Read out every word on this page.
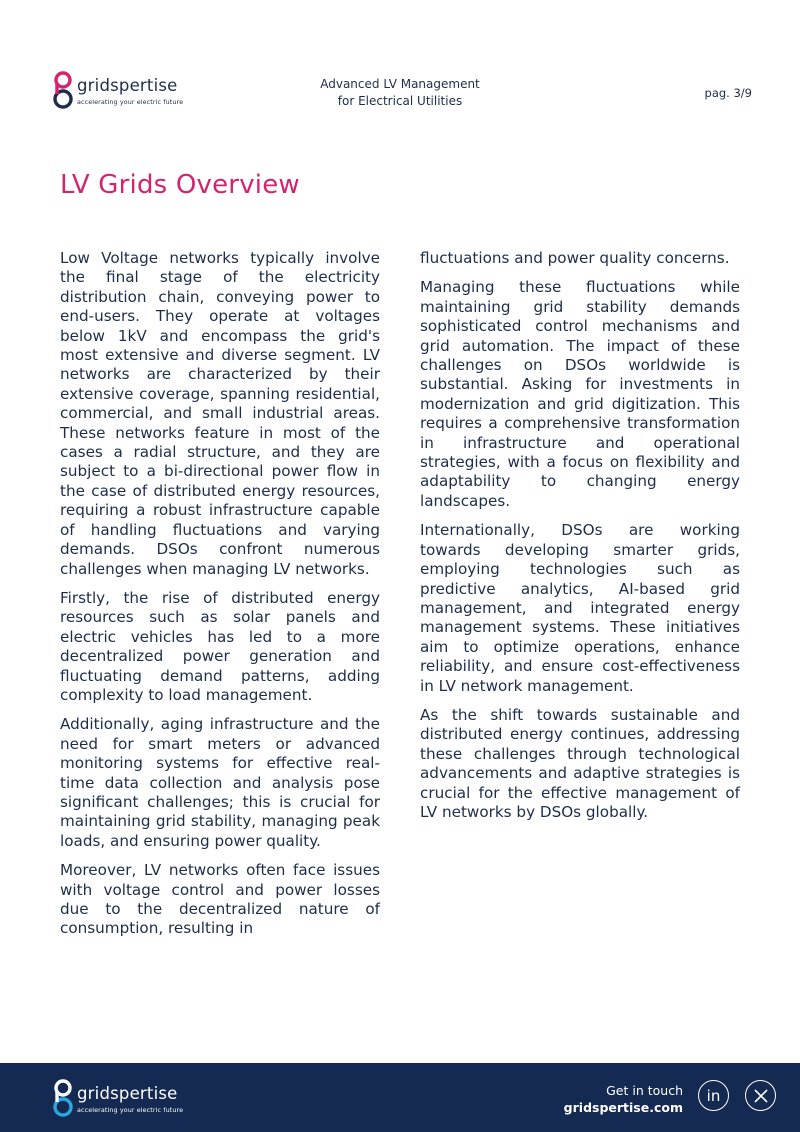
gridspertise
accelerating your electric future
Advanced LV Management
for Electrical Utilities
pag. 3/9
LV Grids Overview

Low Voltage networks typically involve the final stage of the electricity distribution chain, conveying power to end-users. They operate at voltages below 1kV and encompass the grid's most extensive and diverse segment. LV networks are characterized by their extensive coverage, spanning residential, commercial, and small industrial areas. These networks feature in most of the cases a radial structure, and they are subject to a bi-directional power flow in the case of distributed energy resources, requiring a robust infrastructure capable of handling fluctuations and varying demands. DSOs confront numerous challenges when managing LV networks.

Firstly, the rise of distributed energy resources such as solar panels and electric vehicles has led to a more decentralized power generation and fluctuating demand patterns, adding complexity to load management.

Additionally, aging infrastructure and the need for smart meters or advanced monitoring systems for effective real-time data collection and analysis pose significant challenges; this is crucial for maintaining grid stability, managing peak loads, and ensuring power quality.

Moreover, LV networks often face issues with voltage control and power losses due to the decentralized nature of consumption, resulting in

fluctuations and power quality concerns.

Managing these fluctuations while maintaining grid stability demands sophisticated control mechanisms and grid automation. The impact of these challenges on DSOs worldwide is substantial. Asking for investments in modernization and grid digitization. This requires a comprehensive transformation in infrastructure and operational strategies, with a focus on flexibility and adaptability to changing energy landscapes.

Internationally, DSOs are working towards developing smarter grids, employing technologies such as predictive analytics, AI-based grid management, and integrated energy management systems. These initiatives aim to optimize operations, enhance reliability, and ensure cost-effectiveness in LV network management.

As the shift towards sustainable and distributed energy continues, addressing these challenges through technological advancements and adaptive strategies is crucial for the effective management of LV networks by DSOs globally.

gridspertise
accelerating your electric future
Get in touch
gridspertise.com
in
